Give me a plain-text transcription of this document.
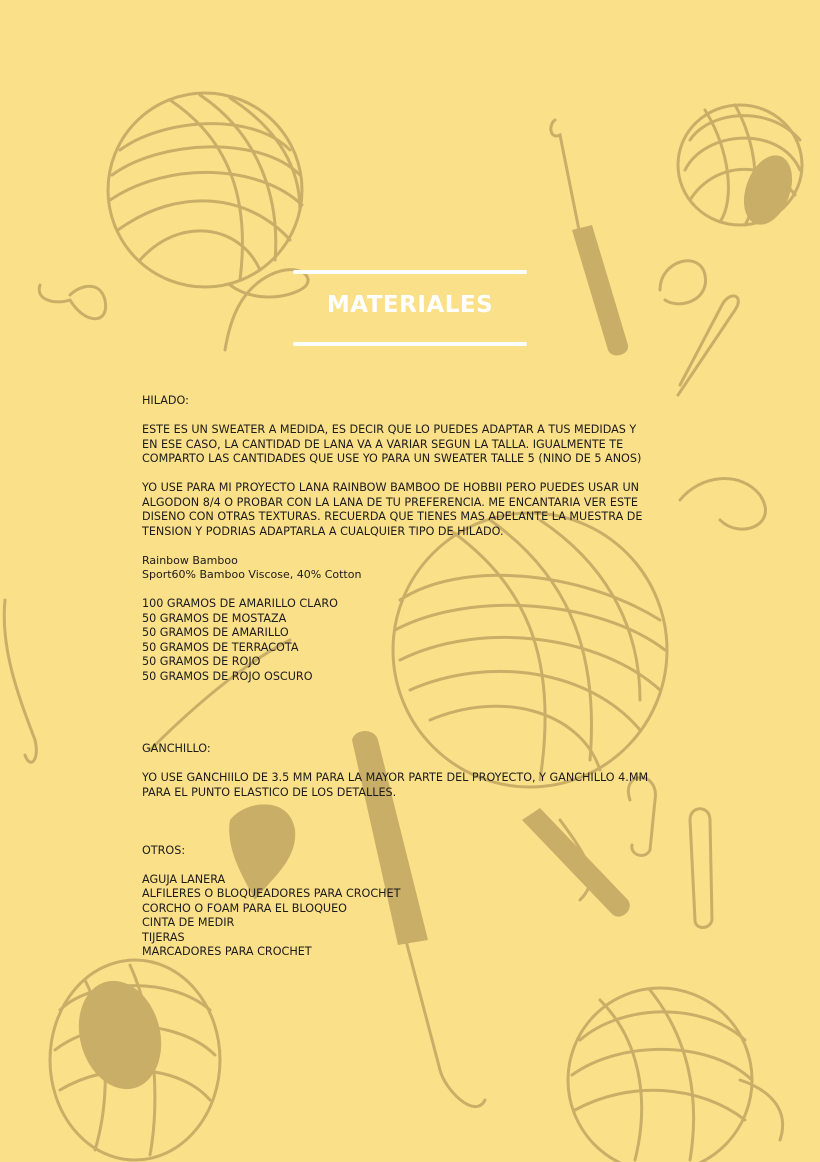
MATERIALES

HILADO:

ESTE ES UN SWEATER A MEDIDA, ES DECIR QUE LO PUEDES ADAPTAR A TUS MEDIDAS Y

EN ESE CASO, LA CANTIDAD DE LANA VA A VARIAR SEGUN LA TALLA. IGUALMENTE TE

COMPARTO LAS CANTIDADES QUE USE YO PARA UN SWEATER TALLE 5 (NINO DE 5 ANOS)

YO USE PARA MI PROYECTO LANA RAINBOW BAMBOO DE HOBBII PERO PUEDES USAR UN

ALGODON 8/4 O PROBAR CON LA LANA DE TU PREFERENCIA. ME ENCANTARIA VER ESTE

DISENO CON OTRAS TEXTURAS. RECUERDA QUE TIENES MAS ADELANTE LA MUESTRA DE

TENSION Y PODRIAS ADAPTARLA A CUALQUIER TIPO DE HILADO.

Rainbow Bamboo

Sport60% Bamboo Viscose, 40% Cotton

100 GRAMOS DE AMARILLO CLARO

50 GRAMOS DE MOSTAZA

50 GRAMOS DE AMARILLO

50 GRAMOS DE TERRACOTA

50 GRAMOS DE ROJO

50 GRAMOS DE ROJO OSCURO

GANCHILLO:

YO USE GANCHIILO DE 3.5 MM PARA LA MAYOR PARTE DEL PROYECTO, Y GANCHILLO 4.MM

PARA EL PUNTO ELASTICO DE LOS DETALLES.

OTROS:

AGUJA LANERA

ALFILERES O BLOQUEADORES PARA CROCHET

CORCHO O FOAM PARA EL BLOQUEO

CINTA DE MEDIR

TIJERAS

MARCADORES PARA CROCHET
